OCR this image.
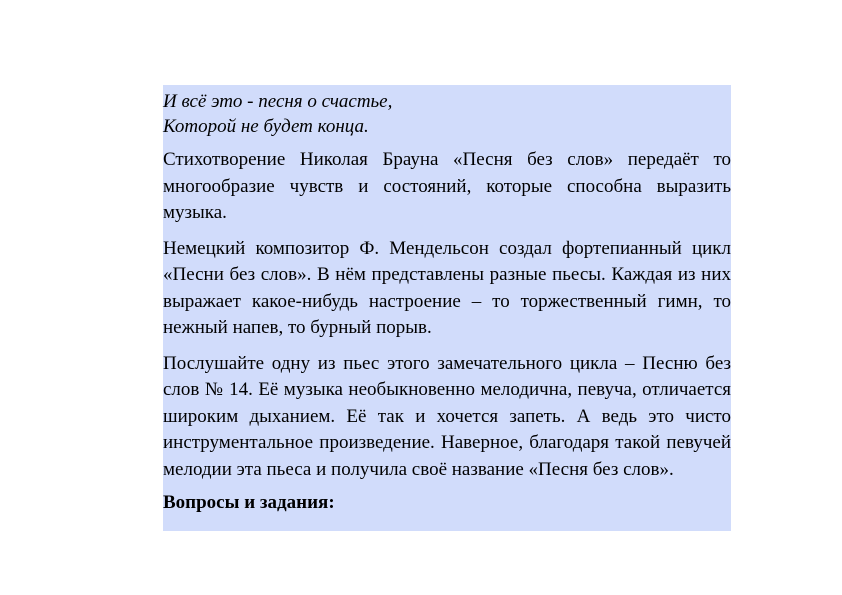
И всё это - песня о счастье,

Которой не будет конца.

Стихотворение Николая Брауна «Песня без слов» передаёт то многообразие чувств и состояний, которые способна выразить музыка.

Немецкий композитор Ф. Мендельсон создал фортепианный цикл «Песни без слов». В нём представлены разные пьесы. Каждая из них выражает какое-нибудь настроение – то торжественный гимн, то нежный напев, то бурный порыв.

Послушайте одну из пьес этого замечательного цикла – Песню без слов № 14. Её музыка необыкновенно мелодична, певуча, отличается широким дыханием. Её так и хочется запеть. А ведь это чисто инструментальное произведение. Наверное, благодаря такой певучей мелодии эта пьеса и получила своё название «Песня без слов».

Вопросы и задания:
